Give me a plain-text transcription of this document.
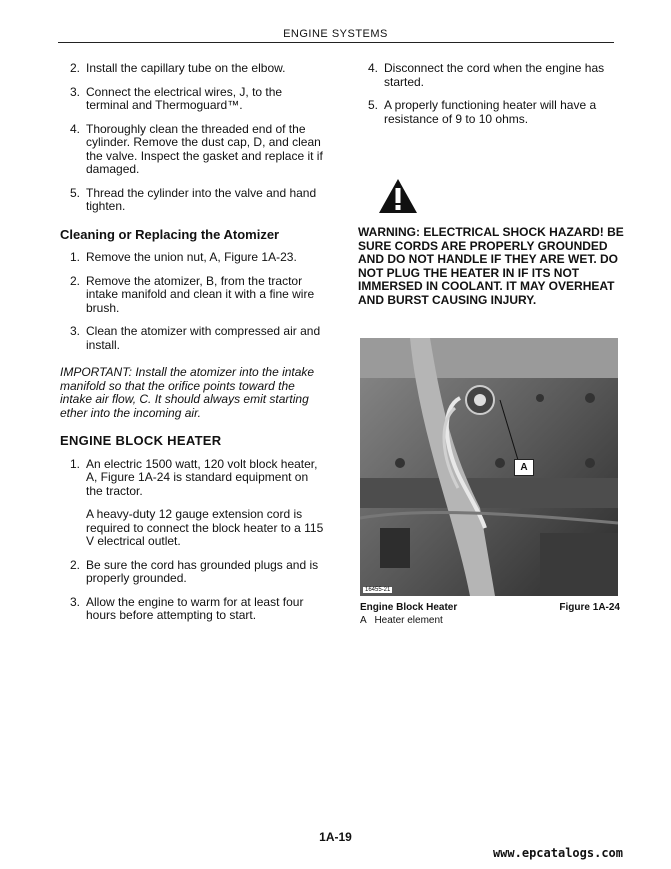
ENGINE SYSTEMS
2. Install the capillary tube on the elbow.
3. Connect the electrical wires, J, to the terminal and Thermoguard™.
4. Thoroughly clean the threaded end of the cylinder. Remove the dust cap, D, and clean the valve. Inspect the gasket and replace it if damaged.
5. Thread the cylinder into the valve and hand tighten.
Cleaning or Replacing the Atomizer
1. Remove the union nut, A, Figure 1A-23.
2. Remove the atomizer, B, from the tractor intake manifold and clean it with a fine wire brush.
3. Clean the atomizer with compressed air and install.
IMPORTANT: Install the atomizer into the intake manifold so that the orifice points toward the intake air flow, C. It should always emit starting ether into the incoming air.
ENGINE BLOCK HEATER
1. An electric 1500 watt, 120 volt block heater, A, Figure 1A-24 is standard equipment on the tractor.
A heavy-duty 12 gauge extension cord is required to connect the block heater to a 115 V electrical outlet.
2. Be sure the cord has grounded plugs and is properly grounded.
3. Allow the engine to warm for at least four hours before attempting to start.
4. Disconnect the cord when the engine has started.
5. A properly functioning heater will have a resistance of 9 to 10 ohms.
WARNING: ELECTRICAL SHOCK HAZARD! BE SURE CORDS ARE PROPERLY GROUNDED AND DO NOT HANDLE IF THEY ARE WET. DO NOT PLUG THE HEATER IN IF ITS NOT IMMERSED IN COOLANT. IT MAY OVERHEAT AND BURST CAUSING INJURY.
A
16455-21
Engine Block Heater	Figure 1A-24
A   Heater element
1A-19
www.epcatalogs.com
